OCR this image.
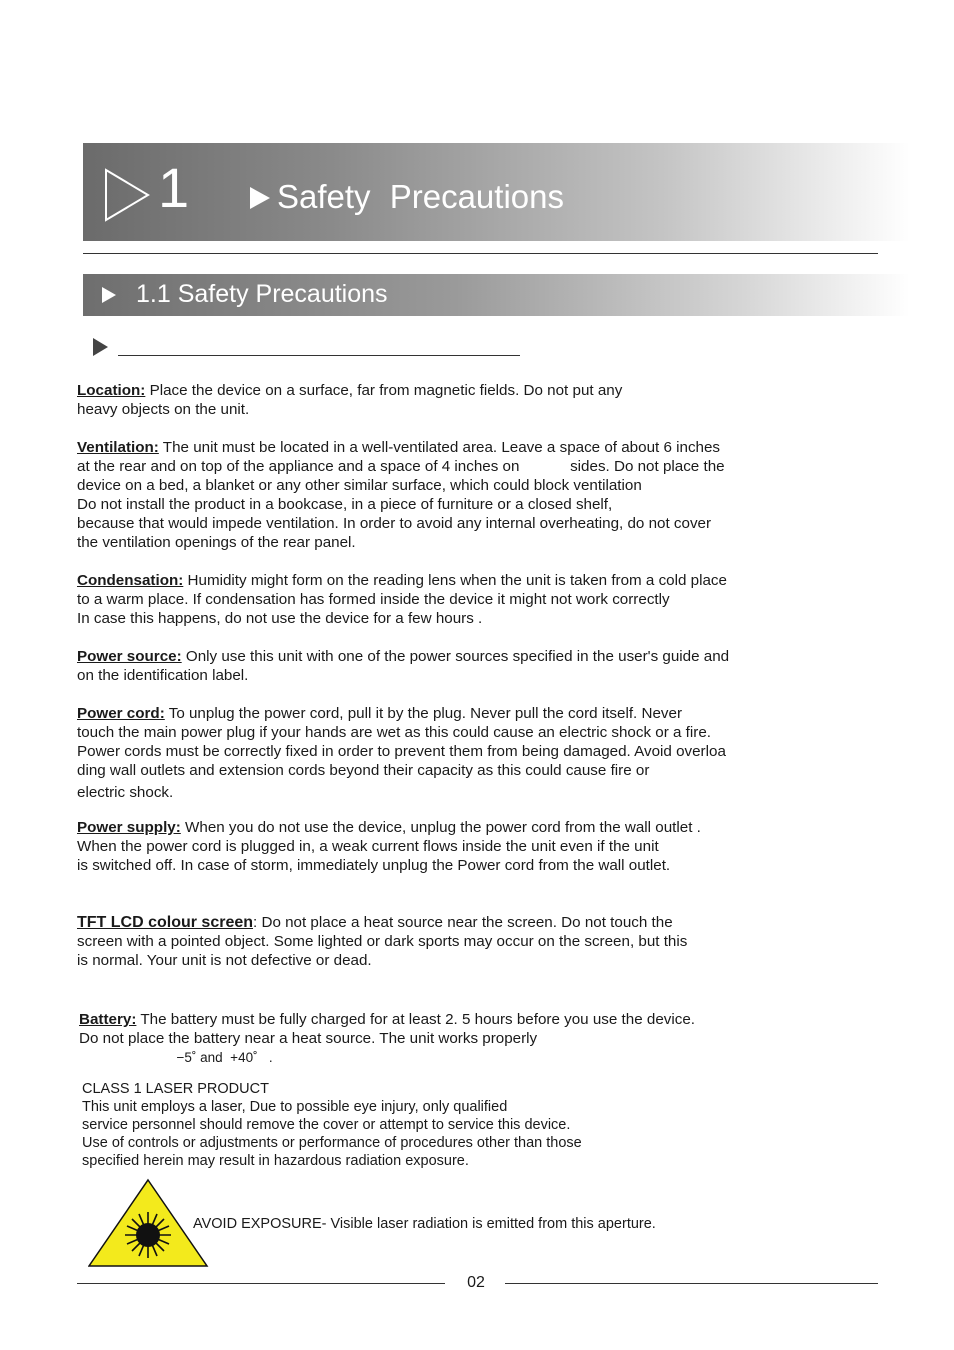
1	Safety Precautions
1.1 Safety Precautions
Location: Place the device on a surface, far from magnetic fields. Do not put any
heavy objects on the unit.
Ventilation: The unit must be located in a well-ventilated area. Leave a space of about 6 inches
at the rear and on top of the appliance and a space of 4 inches on            sides. Do not place the
device on a bed, a blanket or any other similar surface, which could block ventilation
Do not install the product in a bookcase, in a piece of furniture or a closed shelf,
because that would impede ventilation. In order to avoid any internal overheating, do not cover
the ventilation openings of the rear panel.
Condensation: Humidity might form on the reading lens when the unit is taken from a cold place
to a warm place. If condensation has formed inside the device it might not work correctly
In case this happens, do not use the device for a few hours .
Power source: Only use this unit with one of the power sources specified in the user's guide and
on the identification label.
Power cord: To unplug the power cord, pull it by the plug. Never pull the cord itself. Never
touch the main power plug if your hands are wet as this could cause an electric shock or a fire.
Power cords must be correctly fixed in order to prevent them from being damaged. Avoid overloa
ding wall outlets and extension cords beyond their capacity as this could cause fire or
electric shock.
Power supply: When you do not use the device, unplug the power cord from the wall outlet .
When the power cord is plugged in, a weak current flows inside the unit even if the unit
is switched off. In case of storm, immediately unplug the Power cord from the wall outlet.
TFT LCD colour screen: Do not place a heat source near the screen. Do not touch the
screen with a pointed object. Some lighted or dark sports may occur on the screen, but this
is normal. Your unit is not defective or dead.
Battery: The battery must be fully charged for at least 2. 5 hours before you use the device.
Do not place the battery near a heat source. The unit works properly
−5˚ and  +40˚   .
CLASS 1 LASER PRODUCT
This unit employs a laser, Due to possible eye injury, only qualified
service personnel should remove the cover or attempt to service this device.
Use of controls or adjustments or performance of procedures other than those
specified herein may result in hazardous radiation exposure.
AVOID EXPOSURE- Visible laser radiation is emitted from this aperture.
02
